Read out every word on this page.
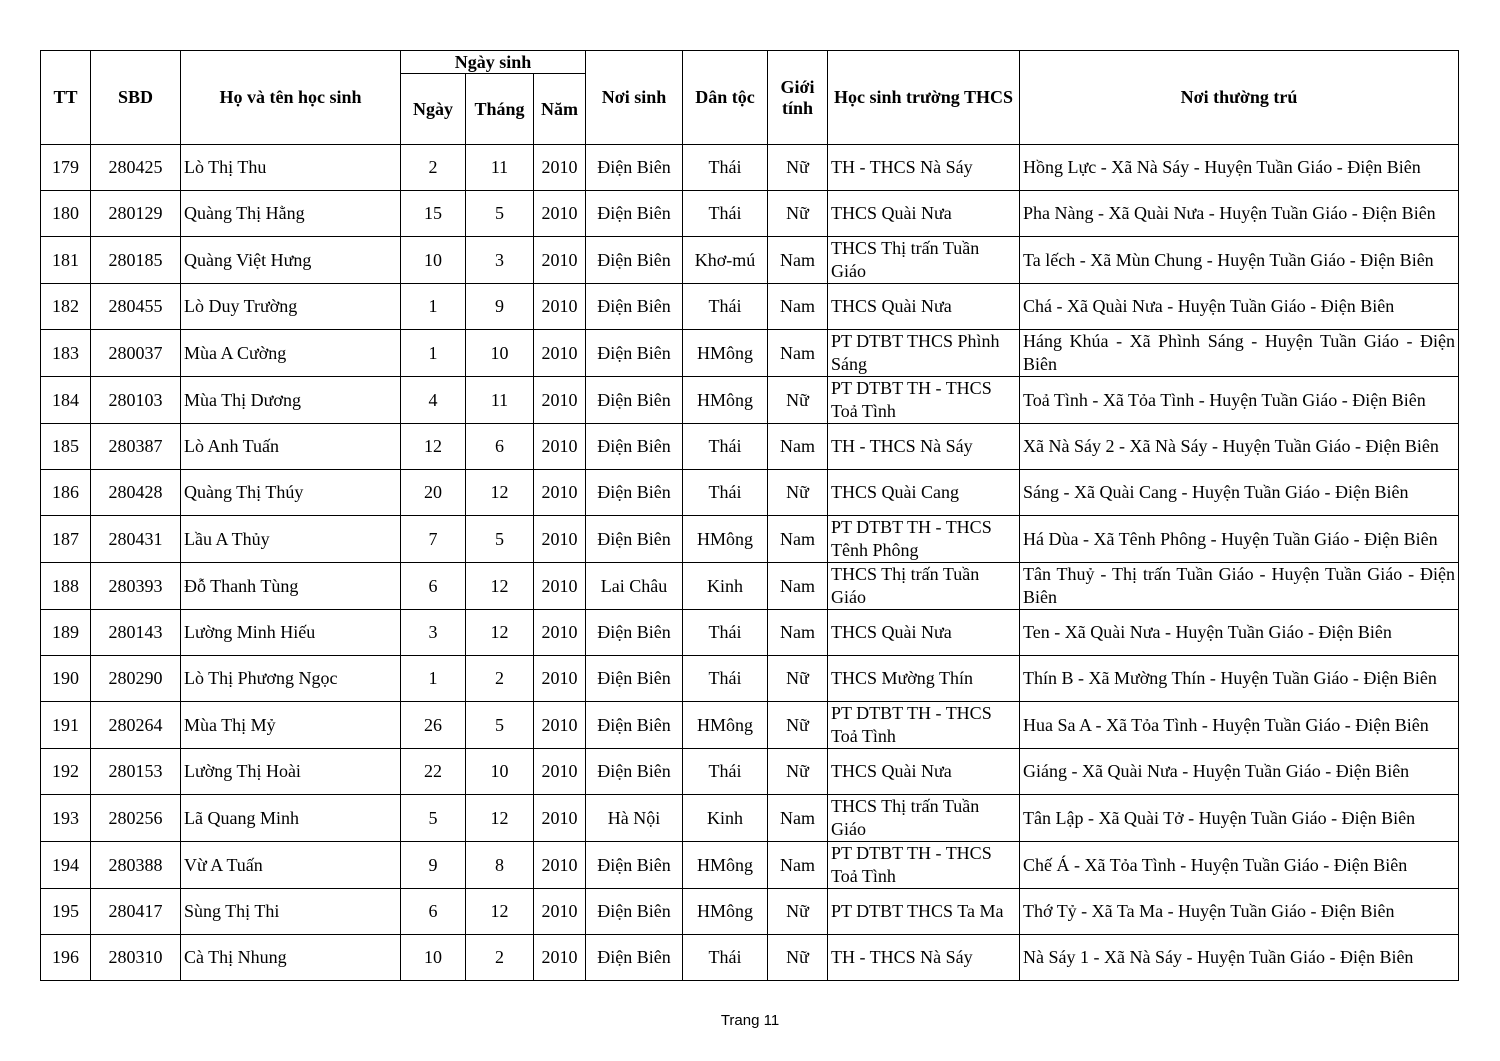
TT	SBD	Họ và tên học sinh	Ngày sinh			Nơi sinh	Dân tộc	Giới tính	Học sinh trường THCS	Nơi thường trú
			Ngày	Tháng	Năm					
179	280425	Lò Thị Thu	2	11	2010	Điện Biên	Thái	Nữ	TH - THCS Nà Sáy	Hồng Lực - Xã Nà Sáy - Huyện Tuần Giáo - Điện Biên
180	280129	Quàng Thị Hằng	15	5	2010	Điện Biên	Thái	Nữ	THCS Quài Nưa	Pha Nàng - Xã Quài Nưa - Huyện Tuần Giáo - Điện Biên
181	280185	Quàng Việt Hưng	10	3	2010	Điện Biên	Khơ-mú	Nam	THCS Thị trấn Tuần Giáo	Ta lếch - Xã Mùn Chung - Huyện Tuần Giáo - Điện Biên
182	280455	Lò Duy Trường	1	9	2010	Điện Biên	Thái	Nam	THCS Quài Nưa	Chá - Xã Quài Nưa - Huyện Tuần Giáo - Điện Biên
183	280037	Mùa A Cường	1	10	2010	Điện Biên	HMông	Nam	PT DTBT THCS Phình Sáng	Háng Khúa - Xã Phình Sáng - Huyện Tuần Giáo - Điện Biên
184	280103	Mùa Thị Dương	4	11	2010	Điện Biên	HMông	Nữ	PT DTBT TH - THCS Toả Tình	Toả Tình - Xã Tỏa Tình - Huyện Tuần Giáo - Điện Biên
185	280387	Lò Anh Tuấn	12	6	2010	Điện Biên	Thái	Nam	TH - THCS Nà Sáy	Xã Nà Sáy 2 - Xã Nà Sáy - Huyện Tuần Giáo - Điện Biên
186	280428	Quàng Thị Thúy	20	12	2010	Điện Biên	Thái	Nữ	THCS Quài Cang	Sáng - Xã Quài Cang - Huyện Tuần Giáo - Điện Biên
187	280431	Lầu A Thủy	7	5	2010	Điện Biên	HMông	Nam	PT DTBT TH - THCS Tênh Phông	Há Dùa - Xã Tênh Phông - Huyện Tuần Giáo - Điện Biên
188	280393	Đỗ Thanh Tùng	6	12	2010	Lai Châu	Kinh	Nam	THCS Thị trấn Tuần Giáo	Tân Thuỷ - Thị trấn Tuần Giáo - Huyện Tuần Giáo - Điện Biên
189	280143	Lường Minh Hiếu	3	12	2010	Điện Biên	Thái	Nam	THCS Quài Nưa	Ten - Xã Quài Nưa - Huyện Tuần Giáo - Điện Biên
190	280290	Lò Thị Phương Ngọc	1	2	2010	Điện Biên	Thái	Nữ	THCS Mường Thín	Thín B - Xã Mường Thín - Huyện Tuần Giáo - Điện Biên
191	280264	Mùa Thị Mỷ	26	5	2010	Điện Biên	HMông	Nữ	PT DTBT TH - THCS Toả Tình	Hua Sa A - Xã Tỏa Tình - Huyện Tuần Giáo - Điện Biên
192	280153	Lường Thị Hoài	22	10	2010	Điện Biên	Thái	Nữ	THCS Quài Nưa	Giáng - Xã Quài Nưa - Huyện Tuần Giáo - Điện Biên
193	280256	Lã Quang Minh	5	12	2010	Hà Nội	Kinh	Nam	THCS Thị trấn Tuần Giáo	Tân Lập - Xã Quài Tở - Huyện Tuần Giáo - Điện Biên
194	280388	Vừ A Tuấn	9	8	2010	Điện Biên	HMông	Nam	PT DTBT TH - THCS Toả Tình	Chế Á - Xã Tỏa Tình - Huyện Tuần Giáo - Điện Biên
195	280417	Sùng Thị Thi	6	12	2010	Điện Biên	HMông	Nữ	PT DTBT THCS Ta Ma	Thớ Tỷ - Xã Ta Ma - Huyện Tuần Giáo - Điện Biên
196	280310	Cà Thị Nhung	10	2	2010	Điện Biên	Thái	Nữ	TH - THCS Nà Sáy	Nà Sáy 1 - Xã Nà Sáy - Huyện Tuần Giáo - Điện Biên
Trang 11
